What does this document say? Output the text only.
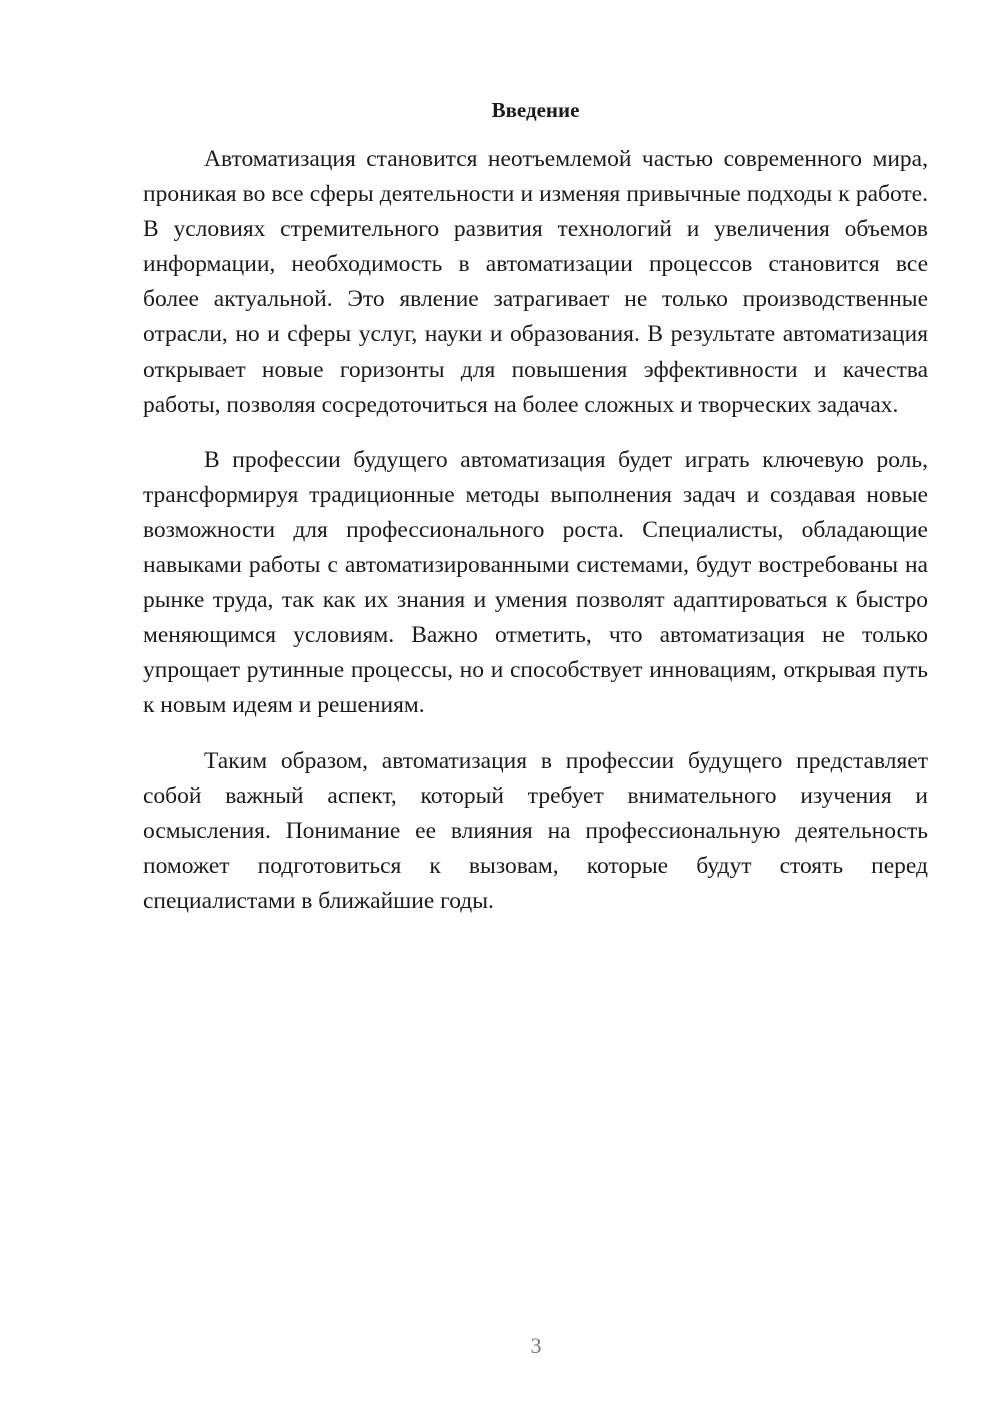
Введение

Автоматизация становится неотъемлемой частью современного мира, проникая во все сферы деятельности и изменяя привычные подходы к работе. В условиях стремительного развития технологий и увеличения объемов информации, необходимость в автоматизации процессов становится все более актуальной. Это явление затрагивает не только производственные отрасли, но и сферы услуг, науки и образования. В результате автоматизация открывает новые горизонты для повышения эффективности и качества работы, позволяя сосредоточиться на более сложных и творческих задачах.

В профессии будущего автоматизация будет играть ключевую роль, трансформируя традиционные методы выполнения задач и создавая новые возможности для профессионального роста. Специалисты, обладающие навыками работы с автоматизированными системами, будут востребованы на рынке труда, так как их знания и умения позволят адаптироваться к быстро меняющимся условиям. Важно отметить, что автоматизация не только упрощает рутинные процессы, но и способствует инновациям, открывая путь к новым идеям и решениям.

Таким образом, автоматизация в профессии будущего представляет собой важный аспект, который требует внимательного изучения и осмысления. Понимание ее влияния на профессиональную деятельность поможет подготовиться к вызовам, которые будут стоять перед специалистами в ближайшие годы.

3
